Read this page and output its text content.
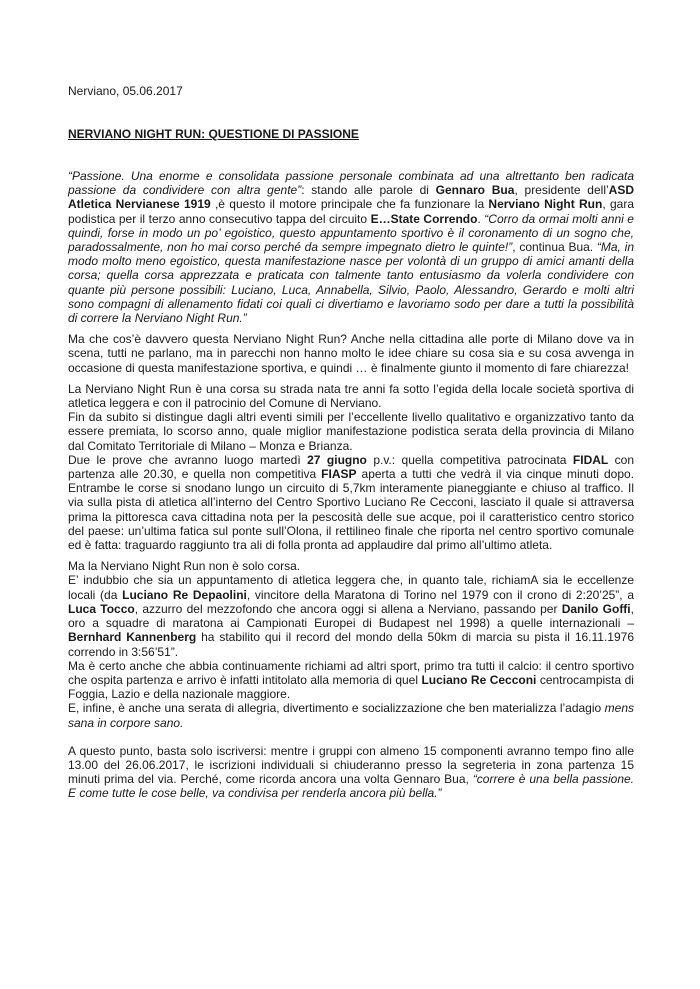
Nerviano, 05.06.2017
NERVIANO NIGHT RUN: QUESTIONE DI PASSIONE

“Passione. Una enorme e consolidata passione personale combinata ad una altrettanto ben radicata passione da condividere con altra gente”: stando alle parole di Gennaro Bua, presidente dell’ASD Atletica Nervianese 1919 ,è questo il motore principale che fa funzionare la Nerviano Night Run, gara podistica per il terzo anno consecutivo tappa del circuito E…State Correndo. “Corro da ormai molti anni e quindi, forse in modo un po’ egoistico, questo appuntamento sportivo è il coronamento di un sogno che, paradossalmente, non ho mai corso perché da sempre impegnato dietro le quinte!”, continua Bua. “Ma, in modo molto meno egoistico, questa manifestazione nasce per volontà di un gruppo di amici amanti della corsa; quella corsa apprezzata e praticata con talmente tanto entusiasmo da volerla condividere con quante più persone possibili: Luciano, Luca, Annabella, Silvio, Paolo, Alessandro, Gerardo e molti altri sono compagni di allenamento fidati coi quali ci divertiamo e lavoriamo sodo per dare a tutti la possibilità di correre la Nerviano Night Run.”

Ma che cos’è davvero questa Nerviano Night Run? Anche nella cittadina alle porte di Milano dove va in scena, tutti ne parlano, ma in parecchi non hanno molto le idee chiare su cosa sia e su cosa avvenga in occasione di questa manifestazione sportiva, e quindi … è finalmente giunto il momento di fare chiarezza!

La Nerviano Night Run è una corsa su strada nata tre anni fa sotto l’egida della locale società sportiva di atletica leggera e con il patrocinio del Comune di Nerviano.

Fin da subito si distingue dagli altri eventi simili per l’eccellente livello qualitativo e organizzativo tanto da essere premiata, lo scorso anno, quale miglior manifestazione podistica serata della provincia di Milano dal Comitato Territoriale di Milano – Monza e Brianza.

Due le prove che avranno luogo martedì 27 giugno p.v.: quella competitiva patrocinata FIDAL con partenza alle 20.30, e quella non competitiva FIASP aperta a tutti che vedrà il via cinque minuti dopo. Entrambe le corse si snodano lungo un circuito di 5,7km interamente pianeggiante e chiuso al traffico. Il via sulla pista di atletica all’interno del Centro Sportivo Luciano Re Cecconi, lasciato il quale si attraversa prima la pittoresca cava cittadina nota per la pescosità delle sue acque, poi il caratteristico centro storico del paese: un’ultima fatica sul ponte sull’Olona, il rettilineo finale che riporta nel centro sportivo comunale ed è fatta: traguardo raggiunto tra ali di folla pronta ad applaudire dal primo all’ultimo atleta.

Ma la Nerviano Night Run non è solo corsa.

E’ indubbio che sia un appuntamento di atletica leggera che, in quanto tale, richiamA sia le eccellenze locali (da Luciano Re Depaolini, vincitore della Maratona di Torino nel 1979 con il crono di 2:20’25”, a Luca Tocco, azzurro del mezzofondo che ancora oggi si allena a Nerviano, passando per Danilo Goffi, oro a squadre di maratona ai Campionati Europei di Budapest nel 1998) a quelle internazionali – Bernhard Kannenberg ha stabilito qui il record del mondo della 50km di marcia su pista il 16.11.1976 correndo in 3:56’51”.

Ma è certo anche che abbia continuamente richiami ad altri sport, primo tra tutti il calcio: il centro sportivo che ospita partenza e arrivo è infatti intitolato alla memoria di quel Luciano Re Cecconi centrocampista di Foggia, Lazio e della nazionale maggiore.

E, infine, è anche una serata di allegria, divertimento e socializzazione che ben materializza l’adagio mens sana in corpore sano.

A questo punto, basta solo iscriversi: mentre i gruppi con almeno 15 componenti avranno tempo fino alle 13.00 del 26.06.2017, le iscrizioni individuali si chiuderanno presso la segreteria in zona partenza 15 minuti prima del via. Perché, come ricorda ancora una volta Gennaro Bua, “correre è una bella passione. E come tutte le cose belle, va condivisa per renderla ancora più bella.”
